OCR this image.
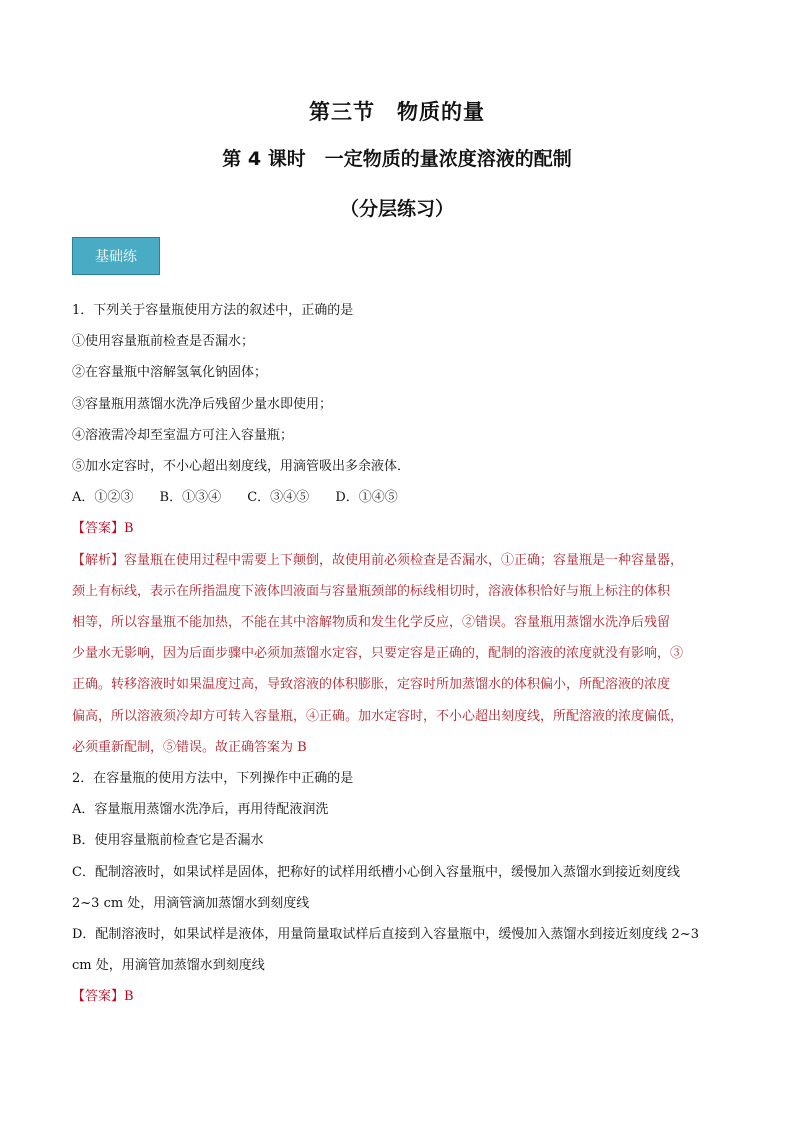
第三节　物质的量
第 4 课时　一定物质的量浓度溶液的配制
（分层练习）
基础练
1．下列关于容量瓶使用方法的叙述中，正确的是
①使用容量瓶前检查是否漏水；
②在容量瓶中溶解氢氧化钠固体；
③容量瓶用蒸馏水洗净后残留少量水即使用；
④溶液需冷却至室温方可注入容量瓶；
⑤加水定容时，不小心超出刻度线，用滴管吸出多余液体．
A．①②③ B．①③④ C．③④⑤ D．①④⑤
【答案】B
【解析】容量瓶在使用过程中需要上下颠倒，故使用前必须检查是否漏水，①正确；容量瓶是一种容量器，
颈上有标线，表示在所指温度下液体凹液面与容量瓶颈部的标线相切时，溶液体积恰好与瓶上标注的体积
相等，所以容量瓶不能加热，不能在其中溶解物质和发生化学反应，②错误。容量瓶用蒸馏水洗净后残留
少量水无影响，因为后面步骤中必须加蒸馏水定容，只要定容是正确的，配制的溶液的浓度就没有影响，③
正确。转移溶液时如果温度过高，导致溶液的体积膨胀，定容时所加蒸馏水的体积偏小，所配溶液的浓度
偏高，所以溶液须冷却方可转入容量瓶，④正确。加水定容时，不小心超出刻度线，所配溶液的浓度偏低，
必须重新配制，⑤错误。故正确答案为 B
2．在容量瓶的使用方法中，下列操作中正确的是
A．容量瓶用蒸馏水洗净后，再用待配液润洗
B．使用容量瓶前检查它是否漏水
C．配制溶液时，如果试样是固体，把称好的试样用纸槽小心倒入容量瓶中，缓慢加入蒸馏水到接近刻度线
2~3 cm 处，用滴管滴加蒸馏水到刻度线
D．配制溶液时，如果试样是液体，用量筒量取试样后直接到入容量瓶中，缓慢加入蒸馏水到接近刻度线 2~3
cm 处，用滴管加蒸馏水到刻度线
【答案】B
